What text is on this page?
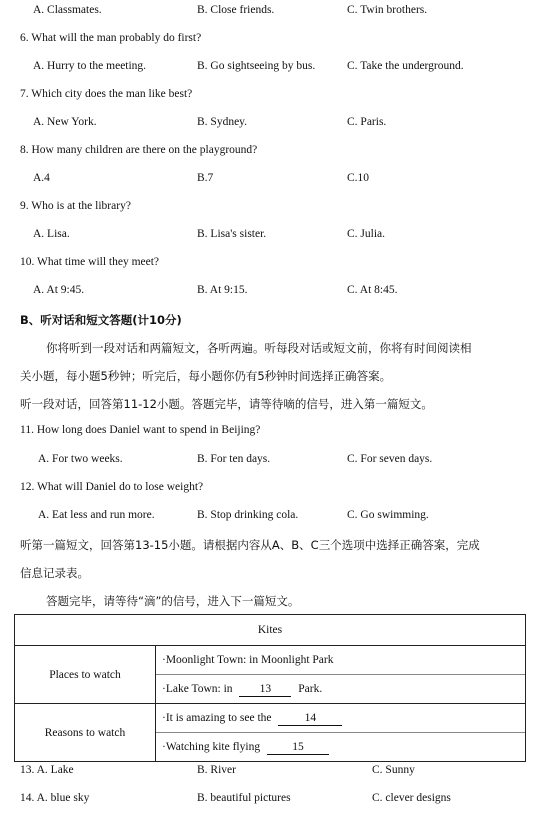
A. Classmates.	B. Close friends.	C. Twin brothers.
6. What will the man probably do first?
A. Hurry to the meeting.	B. Go sightseeing by bus.	C. Take the underground.
7. Which city does the man like best?
A. New York.	B. Sydney.	C. Paris.
8. How many children are there on the playground?
A.4	B.7	C.10
9. Who is at the library?
A. Lisa.	B. Lisa's sister.	C. Julia.
10. What time will they meet?
A. At 9:45.	B. At 9:15.	C. At 8:45.
B、听对话和短文答题(计10分)
你将听到一段对话和两篇短文，各听两遍。听每段对话或短文前，你将有时间阅读相
关小题，每小题5秒钟；听完后，每小题你仍有5秒钟时间选择正确答案。
听一段对话，回答第11-12小题。答题完毕，请等待嘀的信号，进入第一篇短文。
11. How long does Daniel want to spend in Beijing?
A. For two weeks.	B. For ten days.	C. For seven days.
12. What will Daniel do to lose weight?
A. Eat less and run more.	B. Stop drinking cola.	C. Go swimming.
听第一篇短文，回答第13-15小题。请根据内容从A、B、C三个选项中选择正确答案，完成
信息记录表。
答题完毕，请等待“滴”的信号，进入下一篇短文。
Kites	
Places to watch	·Moonlight Town: in Moonlight Park
·Lake Town: in 13 Park.

Reasons to watch	·It is amazing to see the 14
·Watching kite flying 15
13. A. Lake	B. River	C. Sunny
14. A. blue sky	B. beautiful pictures	C. clever designs
